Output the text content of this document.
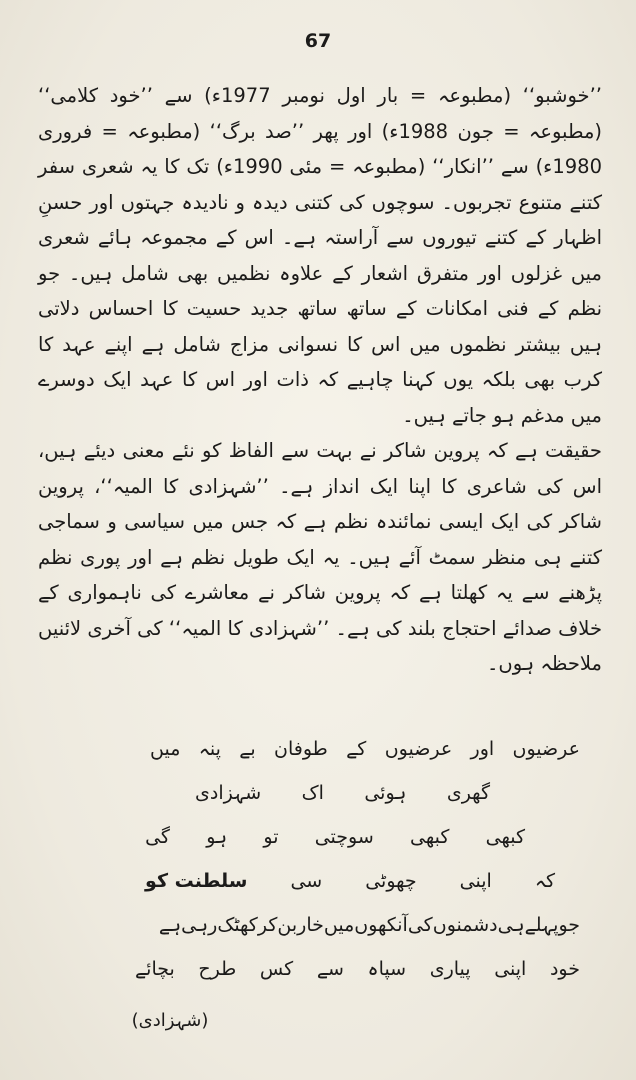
67

’’خوشبو‘‘ (مطبوعہ = بار اول نومبر 1977ء) سے ’’خود کلامی‘‘ (مطبوعہ = جون 1988ء) اور پھر ’’صد برگ‘‘ (مطبوعہ = فروری 1980ء) سے ’’انکار‘‘ (مطبوعہ = مئی 1990ء) تک کا یہ شعری سفر کتنے متنوع تجربوں۔ سوچوں کی کتنی دیدہ و نادیدہ جہتوں اور حسنِ اظہار کے کتنے تیوروں سے آراستہ ہے۔ اس کے مجموعہ ہائے شعری میں غزلوں اور متفرق اشعار کے علاوہ نظمیں بھی شامل ہیں۔ جو نظم کے فنی امکانات کے ساتھ ساتھ جدید حسیت کا احساس دلاتی ہیں بیشتر نظموں میں اس کا نسوانی مزاج شامل ہے اپنے عہد کا کرب بھی بلکہ یوں کہنا چاہیے کہ ذات اور اس کا عہد ایک دوسرے میں مدغم ہو جاتے ہیں۔

حقیقت ہے کہ پروین شاکر نے بہت سے الفاظ کو نئے معنی دیئے ہیں، اس کی شاعری کا اپنا ایک انداز ہے۔ ’’شہزادی کا المیہ‘‘، پروین شاکر کی ایک ایسی نمائندہ نظم ہے کہ جس میں سیاسی و سماجی کتنے ہی منظر سمٹ آئے ہیں۔ یہ ایک طویل نظم ہے اور پوری نظم پڑھنے سے یہ کھلتا ہے کہ پروین شاکر نے معاشرے کی ناہمواری کے خلاف صدائے احتجاج بلند کی ہے۔ ’’شہزادی کا المیہ‘‘ کی آخری لائنیں ملاحظہ ہوں۔

عرضیوں
اور
عرضیوں
کے
طوفان
بے
پنہ
میں
گھری
ہوئی
اک
شہزادی
کبھی
کبھی
سوچتی
تو
ہو
گی
کہ
اپنی
چھوٹی
سی
سلطنت کو
جو
پہلے
ہی
دشمنوں
کی
آنکھوں
میں
خار
بن
کر
کھٹک
رہی
ہے
خود
اپنی
پیاری
سپاہ
سے
کس
طرح
بچائے
(شہزادی)
